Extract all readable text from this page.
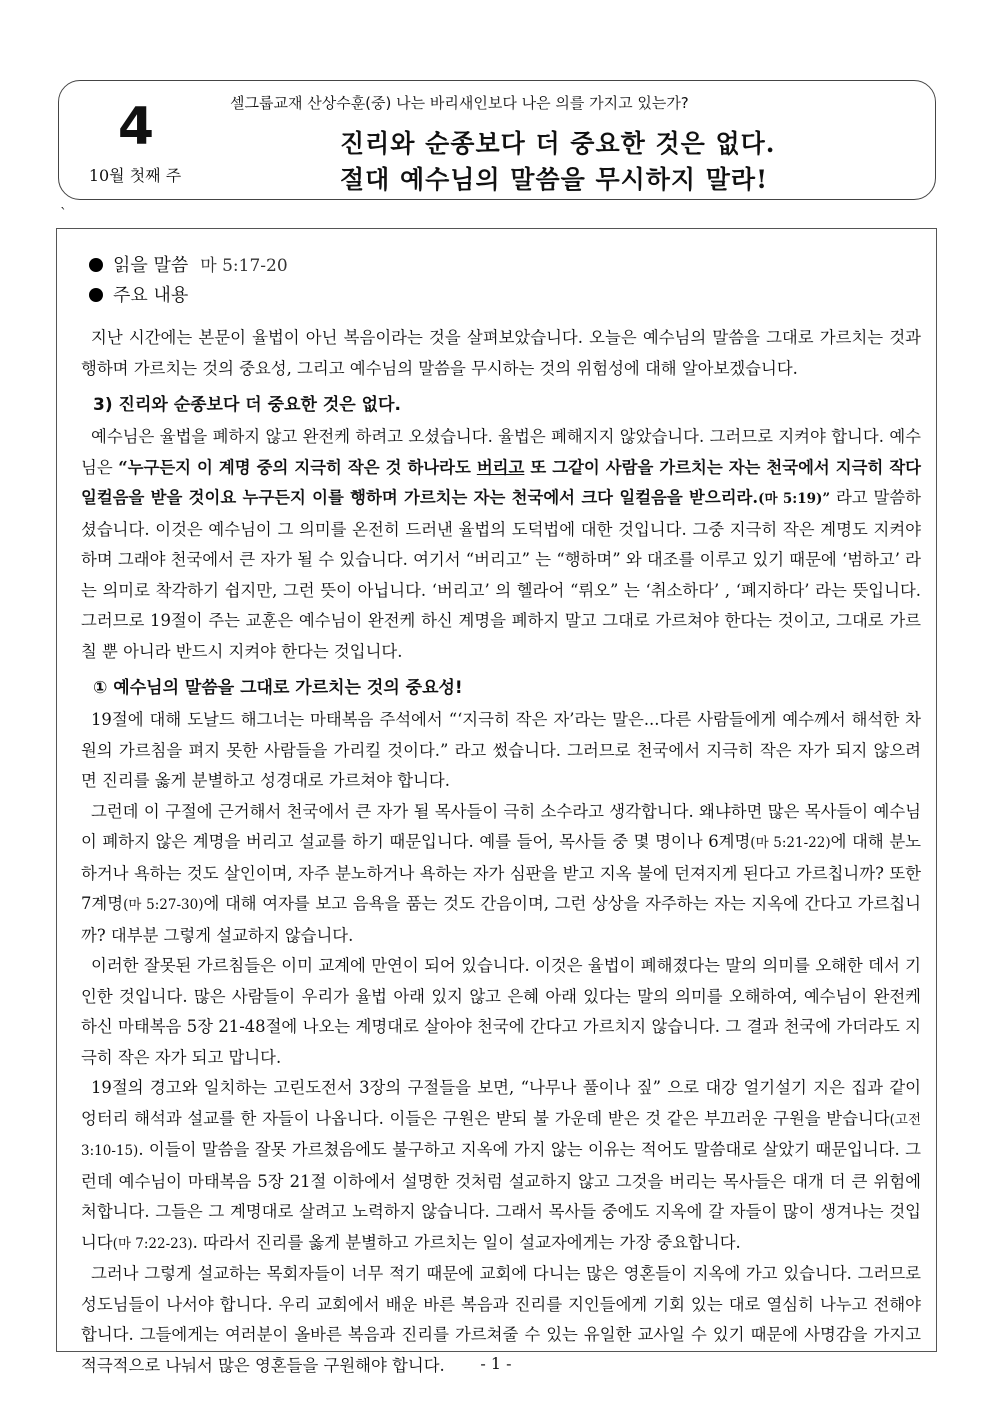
4
10월 첫째 주
셀그룹교재 산상수훈(중) 나는 바리새인보다 나은 의를 가지고 있는가?
진리와 순종보다 더 중요한 것은 없다.
절대 예수님의 말씀을 무시하지 말라!
`
읽을 말씀 마 5:17-20
주요 내용

지난 시간에는 본문이 율법이 아닌 복음이라는 것을 살펴보았습니다. 오늘은 예수님의 말씀을 그대로 가르치는 것과 행하며 가르치는 것의 중요성, 그리고 예수님의 말씀을 무시하는 것의 위험성에 대해 알아보겠습니다.

3) 진리와 순종보다 더 중요한 것은 없다.

예수님은 율법을 폐하지 않고 완전케 하려고 오셨습니다. 율법은 폐해지지 않았습니다. 그러므로 지켜야 합니다. 예수님은 “누구든지 이 계명 중의 지극히 작은 것 하나라도 버리고 또 그같이 사람을 가르치는 자는 천국에서 지극히 작다 일컬음을 받을 것이요 누구든지 이를 행하며 가르치는 자는 천국에서 크다 일컬음을 받으리라.(마 5:19)” 라고 말씀하셨습니다. 이것은 예수님이 그 의미를 온전히 드러낸 율법의 도덕법에 대한 것입니다. 그중 지극히 작은 계명도 지켜야 하며 그래야 천국에서 큰 자가 될 수 있습니다. 여기서 “버리고” 는 “행하며” 와 대조를 이루고 있기 때문에 ‘범하고’ 라는 의미로 착각하기 쉽지만, 그런 뜻이 아닙니다. ‘버리고’ 의 헬라어 “뤼오” 는 ‘취소하다’ , ‘폐지하다’ 라는 뜻입니다. 그러므로 19절이 주는 교훈은 예수님이 완전케 하신 계명을 폐하지 말고 그대로 가르쳐야 한다는 것이고, 그대로 가르칠 뿐 아니라 반드시 지켜야 한다는 것입니다.

① 예수님의 말씀을 그대로 가르치는 것의 중요성!

19절에 대해 도날드 해그너는 마태복음 주석에서 “‘지극히 작은 자’라는 말은...다른 사람들에게 예수께서 해석한 차원의 가르침을 펴지 못한 사람들을 가리킬 것이다.” 라고 썼습니다. 그러므로 천국에서 지극히 작은 자가 되지 않으려면 진리를 옳게 분별하고 성경대로 가르쳐야 합니다.

그런데 이 구절에 근거해서 천국에서 큰 자가 될 목사들이 극히 소수라고 생각합니다. 왜냐하면 많은 목사들이 예수님이 폐하지 않은 계명을 버리고 설교를 하기 때문입니다. 예를 들어, 목사들 중 몇 명이나 6계명(마 5:21-22)에 대해 분노하거나 욕하는 것도 살인이며, 자주 분노하거나 욕하는 자가 심판을 받고 지옥 불에 던져지게 된다고 가르칩니까? 또한 7계명(마 5:27-30)에 대해 여자를 보고 음욕을 품는 것도 간음이며, 그런 상상을 자주하는 자는 지옥에 간다고 가르칩니까? 대부분 그렇게 설교하지 않습니다.

이러한 잘못된 가르침들은 이미 교계에 만연이 되어 있습니다. 이것은 율법이 폐해졌다는 말의 의미를 오해한 데서 기인한 것입니다. 많은 사람들이 우리가 율법 아래 있지 않고 은혜 아래 있다는 말의 의미를 오해하여, 예수님이 완전케 하신 마태복음 5장 21-48절에 나오는 계명대로 살아야 천국에 간다고 가르치지 않습니다. 그 결과 천국에 가더라도 지극히 작은 자가 되고 맙니다.

19절의 경고와 일치하는 고린도전서 3장의 구절들을 보면, “나무나 풀이나 짚” 으로 대강 얼기설기 지은 집과 같이 엉터리 해석과 설교를 한 자들이 나옵니다. 이들은 구원은 받되 불 가운데 받은 것 같은 부끄러운 구원을 받습니다(고전 3:10-15). 이들이 말씀을 잘못 가르쳤음에도 불구하고 지옥에 가지 않는 이유는 적어도 말씀대로 살았기 때문입니다. 그런데 예수님이 마태복음 5장 21절 이하에서 설명한 것처럼 설교하지 않고 그것을 버리는 목사들은 대개 더 큰 위험에 처합니다. 그들은 그 계명대로 살려고 노력하지 않습니다. 그래서 목사들 중에도 지옥에 갈 자들이 많이 생겨나는 것입니다(마 7:22-23). 따라서 진리를 옳게 분별하고 가르치는 일이 설교자에게는 가장 중요합니다.

그러나 그렇게 설교하는 목회자들이 너무 적기 때문에 교회에 다니는 많은 영혼들이 지옥에 가고 있습니다. 그러므로 성도님들이 나서야 합니다. 우리 교회에서 배운 바른 복음과 진리를 지인들에게 기회 있는 대로 열심히 나누고 전해야 합니다. 그들에게는 여러분이 올바른 복음과 진리를 가르쳐줄 수 있는 유일한 교사일 수 있기 때문에 사명감을 가지고 적극적으로 나눠서 많은 영혼들을 구원해야 합니다.	- 1 -
